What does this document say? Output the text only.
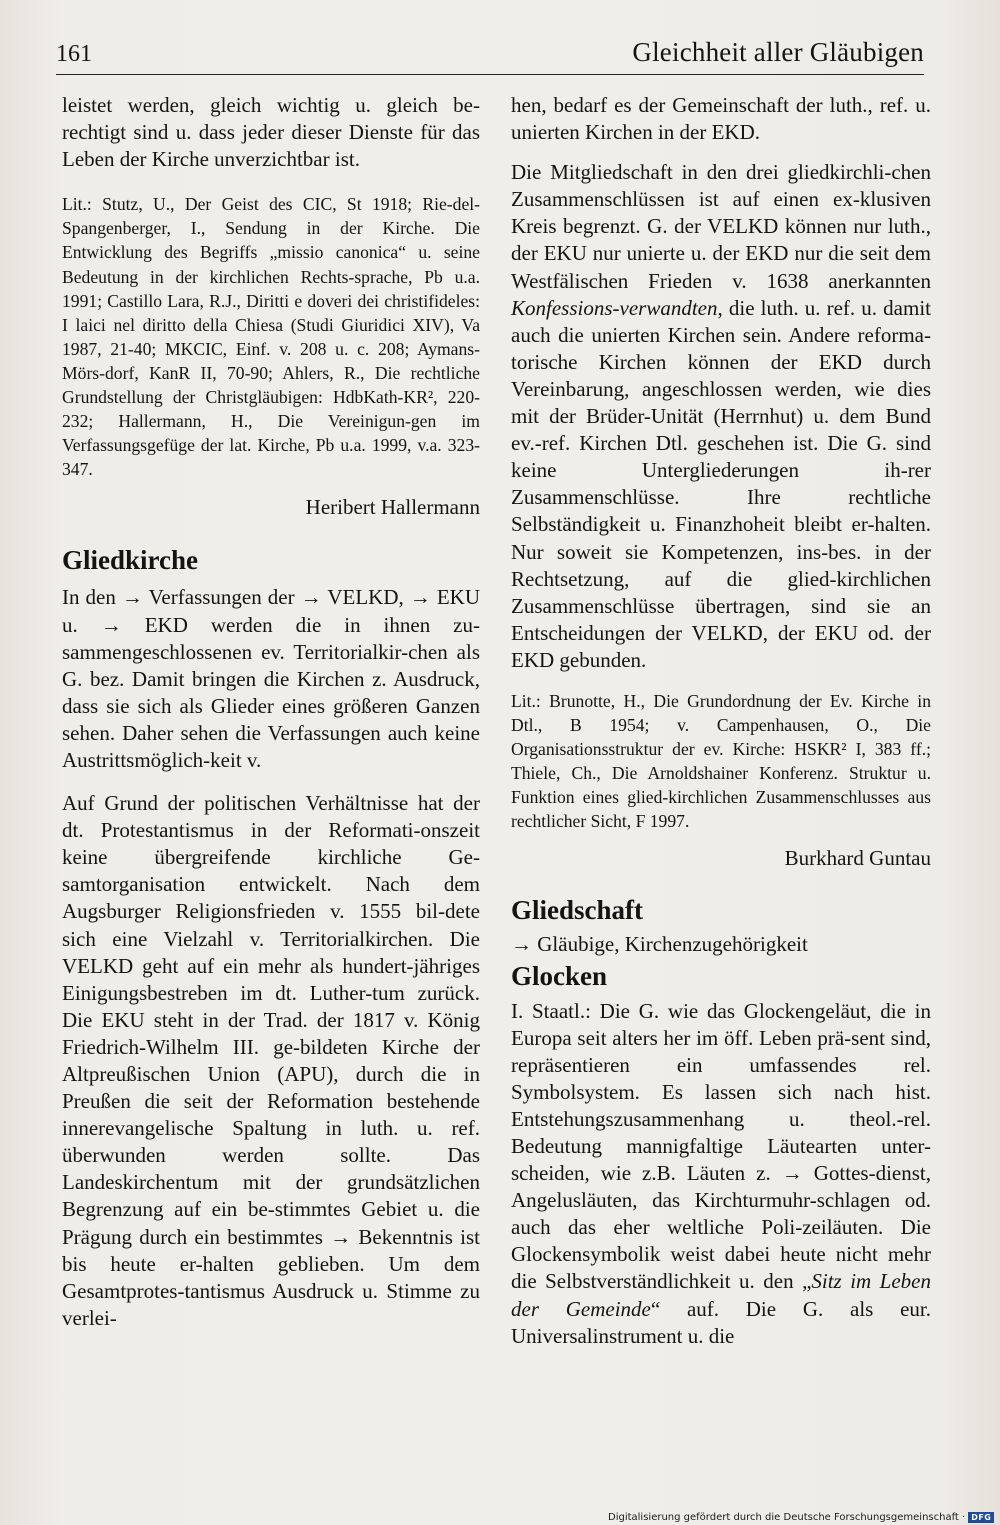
161	Gleichheit aller Gläubigen

leistet werden, gleich wichtig u. gleich be-rechtigt sind u. dass jeder dieser Dienste für das Leben der Kirche unverzichtbar ist.

Lit.: Stutz, U., Der Geist des CIC, St 1918; Rie-del-Spangenberger, I., Sendung in der Kirche. Die Entwicklung des Begriffs „missio canonica“ u. seine Bedeutung in der kirchlichen Rechts-sprache, Pb u.a. 1991; Castillo Lara, R.J., Diritti e doveri dei christifideles: I laici nel diritto della Chiesa (Studi Giuridici XIV), Va 1987, 21-40; MKCIC, Einf. v. 208 u. c. 208; Aymans-Mörs-dorf, KanR II, 70-90; Ahlers, R., Die rechtliche Grundstellung der Christgläubigen: HdbKath-KR², 220-232; Hallermann, H., Die Vereinigun-gen im Verfassungsgefüge der lat. Kirche, Pb u.a. 1999, v.a. 323-347.

Heribert Hallermann

Gliedkirche

In den → Verfassungen der → VELKD, → EKU u. → EKD werden die in ihnen zu-sammengeschlossenen ev. Territorialkir-chen als G. bez. Damit bringen die Kirchen z. Ausdruck, dass sie sich als Glieder eines größeren Ganzen sehen. Daher sehen die Verfassungen auch keine Austrittsmöglich-keit v.

Auf Grund der politischen Verhältnisse hat der dt. Protestantismus in der Reformati-onszeit keine übergreifende kirchliche Ge-samtorganisation entwickelt. Nach dem Augsburger Religionsfrieden v. 1555 bil-dete sich eine Vielzahl v. Territorialkirchen. Die VELKD geht auf ein mehr als hundert-jähriges Einigungsbestreben im dt. Luther-tum zurück. Die EKU steht in der Trad. der 1817 v. König Friedrich-Wilhelm III. ge-bildeten Kirche der Altpreußischen Union (APU), durch die in Preußen die seit der Reformation bestehende innerevangelische Spaltung in luth. u. ref. überwunden werden sollte. Das Landeskirchentum mit der grundsätzlichen Begrenzung auf ein be-stimmtes Gebiet u. die Prägung durch ein bestimmtes → Bekenntnis ist bis heute er-halten geblieben. Um dem Gesamtprotes-tantismus Ausdruck u. Stimme zu verlei-

hen, bedarf es der Gemeinschaft der luth., ref. u. unierten Kirchen in der EKD.

Die Mitgliedschaft in den drei gliedkirchli-chen Zusammenschlüssen ist auf einen ex-klusiven Kreis begrenzt. G. der VELKD können nur luth., der EKU nur unierte u. der EKD nur die seit dem Westfälischen Frieden v. 1638 anerkannten Konfessions-verwandten, die luth. u. ref. u. damit auch die unierten Kirchen sein. Andere reforma-torische Kirchen können der EKD durch Vereinbarung, angeschlossen werden, wie dies mit der Brüder-Unität (Herrnhut) u. dem Bund ev.-ref. Kirchen Dtl. geschehen ist. Die G. sind keine Untergliederungen ih-rer Zusammenschlüsse. Ihre rechtliche Selbständigkeit u. Finanzhoheit bleibt er-halten. Nur soweit sie Kompetenzen, ins-bes. in der Rechtsetzung, auf die glied-kirchlichen Zusammenschlüsse übertragen, sind sie an Entscheidungen der VELKD, der EKU od. der EKD gebunden.

Lit.: Brunotte, H., Die Grundordnung der Ev. Kirche in Dtl., B 1954; v. Campenhausen, O., Die Organisationsstruktur der ev. Kirche: HSKR² I, 383 ff.; Thiele, Ch., Die Arnoldshainer Konferenz. Struktur u. Funktion eines glied-kirchlichen Zusammenschlusses aus rechtlicher Sicht, F 1997.

Burkhard Guntau

Gliedschaft

→ Gläubige, Kirchenzugehörigkeit

Glocken

I. Staatl.: Die G. wie das Glockengeläut, die in Europa seit alters her im öff. Leben prä-sent sind, repräsentieren ein umfassendes rel. Symbolsystem. Es lassen sich nach hist. Entstehungszusammenhang u. theol.-rel. Bedeutung mannigfaltige Läutearten unter-scheiden, wie z.B. Läuten z. → Gottes-dienst, Angelusläuten, das Kirchturmuhr-schlagen od. auch das eher weltliche Poli-zeiläuten. Die Glockensymbolik weist dabei heute nicht mehr die Selbstverständlichkeit u. den „Sitz im Leben der Gemeinde“ auf. Die G. als eur. Universalinstrument u. die

Digitalisierung gefördert durch die Deutsche Forschungsgemeinschaft · DFG
